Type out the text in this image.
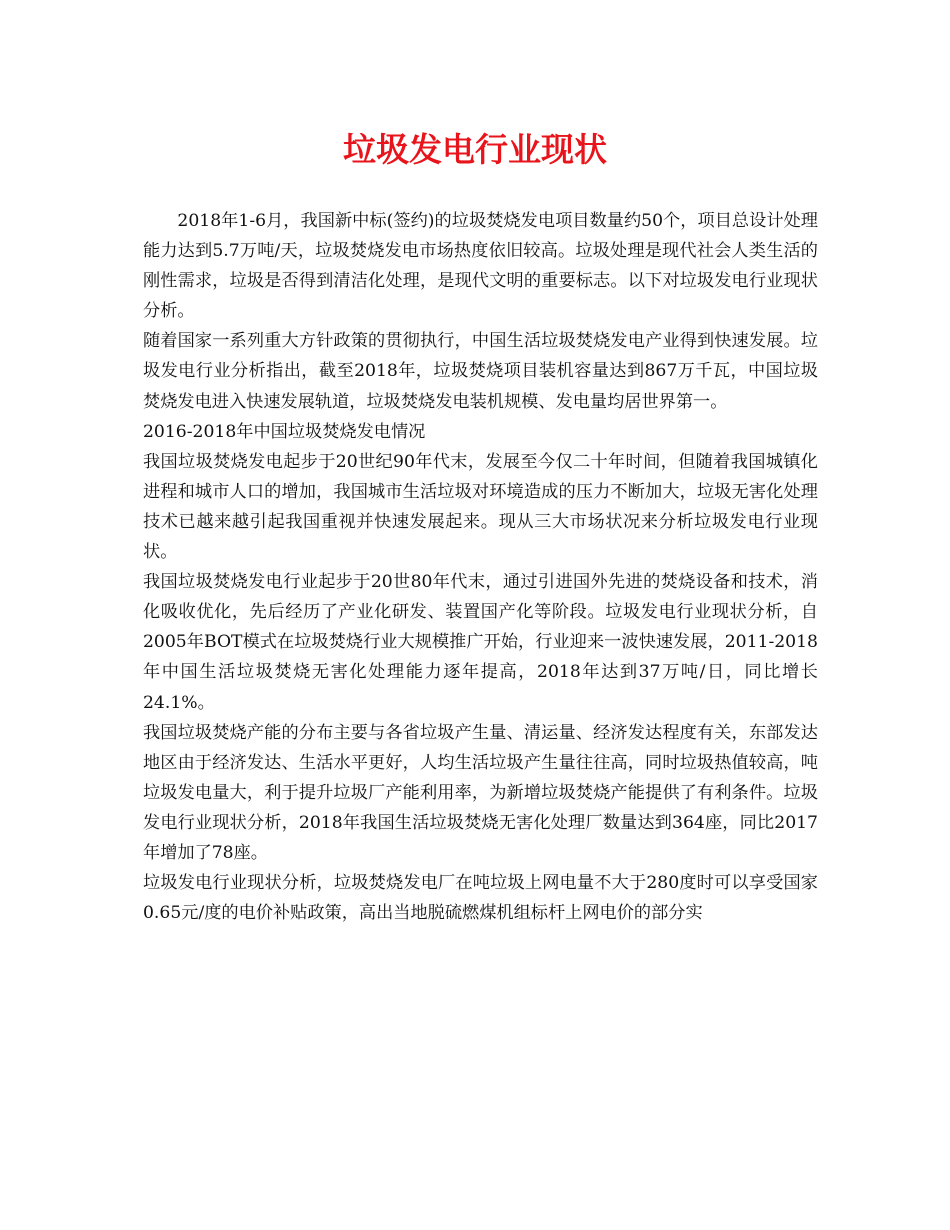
垃圾发电行业现状

2018年1-6月，我国新中标(签约)的垃圾焚烧发电项目数量约50个，项目总设计处理能力达到5.7万吨/天，垃圾焚烧发电市场热度依旧较高。垃圾处理是现代社会人类生活的刚性需求，垃圾是否得到清洁化处理，是现代文明的重要标志。以下对垃圾发电行业现状分析。

随着国家一系列重大方针政策的贯彻执行，中国生活垃圾焚烧发电产业得到快速发展。垃圾发电行业分析指出，截至2018年，垃圾焚烧项目装机容量达到867万千瓦，中国垃圾焚烧发电进入快速发展轨道，垃圾焚烧发电装机规模、发电量均居世界第一。

2016-2018年中国垃圾焚烧发电情况

我国垃圾焚烧发电起步于20世纪90年代末，发展至今仅二十年时间，但随着我国城镇化进程和城市人口的增加，我国城市生活垃圾对环境造成的压力不断加大，垃圾无害化处理技术已越来越引起我国重视并快速发展起来。现从三大市场状况来分析垃圾发电行业现状。

我国垃圾焚烧发电行业起步于20世80年代末，通过引进国外先进的焚烧设备和技术，消化吸收优化，先后经历了产业化研发、装置国产化等阶段。垃圾发电行业现状分析，自2005年BOT模式在垃圾焚烧行业大规模推广开始，行业迎来一波快速发展，2011-2018年中国生活垃圾焚烧无害化处理能力逐年提高，2018年达到37万吨/日，同比增长24.1%。

我国垃圾焚烧产能的分布主要与各省垃圾产生量、清运量、经济发达程度有关，东部发达地区由于经济发达、生活水平更好，人均生活垃圾产生量往往高，同时垃圾热值较高，吨垃圾发电量大，利于提升垃圾厂产能利用率，为新增垃圾焚烧产能提供了有利条件。垃圾发电行业现状分析，2018年我国生活垃圾焚烧无害化处理厂数量达到364座，同比2017年增加了78座。

垃圾发电行业现状分析，垃圾焚烧发电厂在吨垃圾上网电量不大于280度时可以享受国家0.65元/度的电价补贴政策，高出当地脱硫燃煤机组标杆上网电价的部分实
